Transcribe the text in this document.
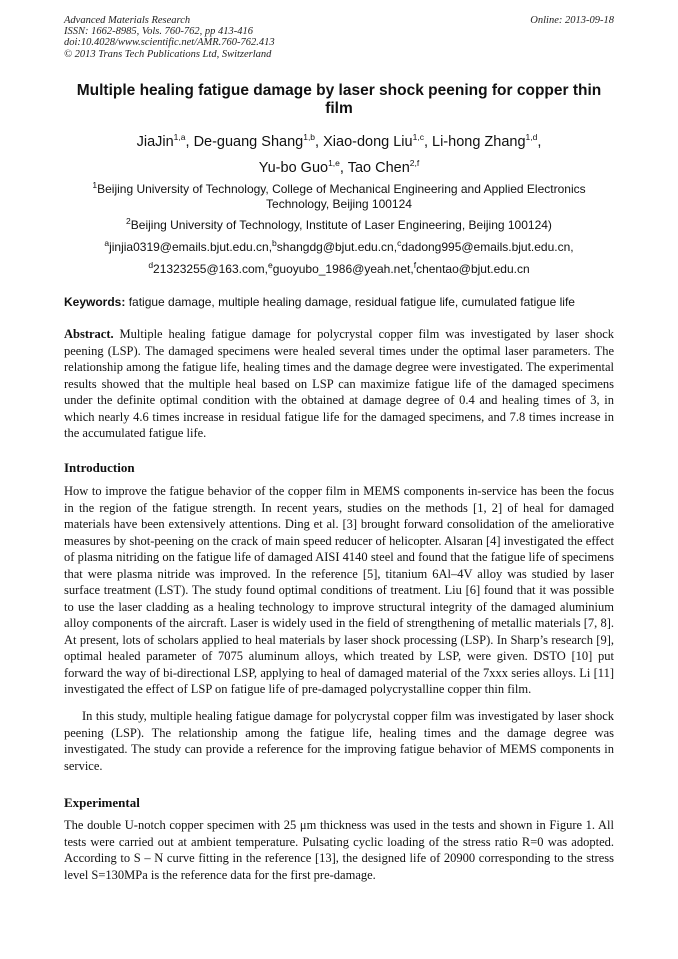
Advanced Materials Research
ISSN: 1662-8985, Vols. 760-762, pp 413-416
doi:10.4028/www.scientific.net/AMR.760-762.413
© 2013 Trans Tech Publications Ltd, Switzerland
Online: 2013-09-18
Multiple healing fatigue damage by laser shock peening for copper thin film
JiaJin$^{1,a}$, De-guang Shang$^{1,b}$, Xiao-dong Liu$^{1,c}$, Li-hong Zhang$^{1,d}$,
Yu-bo Guo$^{1,e}$, Tao Chen$^{2,f}$
$^1$Beijing University of Technology, College of Mechanical Engineering and Applied Electronics Technology, Beijing 100124
$^2$Beijing University of Technology, Institute of Laser Engineering, Beijing 100124)
$^a$jinjia0319@emails.bjut.edu.cn,$^b$shangdg@bjut.edu.cn,$^c$dadong995@emails.bjut.edu.cn,
$^d$21323255@163.com,$^e$guoyubo_1986@yeah.net,$^f$chentao@bjut.edu.cn
Keywords: fatigue damage, multiple healing damage, residual fatigue life, cumulated fatigue life
Abstract. Multiple healing fatigue damage for polycrystal copper film was investigated by laser shock peening (LSP). The damaged specimens were healed several times under the optimal laser parameters. The relationship among the fatigue life, healing times and the damage degree were investigated. The experimental results showed that the multiple heal based on LSP can maximize fatigue life of the damaged specimens under the definite optimal condition with the obtained at damage degree of 0.4 and healing times of 3, in which nearly 4.6 times increase in residual fatigue life for the damaged specimens, and 7.8 times increase in the accumulated fatigue life.
Introduction
How to improve the fatigue behavior of the copper film in MEMS components in-service has been the focus in the region of the fatigue strength. In recent years, studies on the methods [1, 2] of heal for damaged materials have been extensively attentions. Ding et al. [3] brought forward consolidation of the ameliorative measures by shot-peening on the crack of main speed reducer of helicopter. Alsaran [4] investigated the effect of plasma nitriding on the fatigue life of damaged AISI 4140 steel and found that the fatigue life of specimens that were plasma nitride was improved. In the reference [5], titanium 6Al–4V alloy was studied by laser surface treatment (LST). The study found optimal conditions of treatment. Liu [6] found that it was possible to use the laser cladding as a healing technology to improve structural integrity of the damaged aluminium alloy components of the aircraft. Laser is widely used in the field of strengthening of metallic materials [7, 8]. At present, lots of scholars applied to heal materials by laser shock processing (LSP). In Sharp’s research [9], optimal healed parameter of 7075 aluminum alloys, which treated by LSP, were given. DSTO [10] put forward the way of bi-directional LSP, applying to heal of damaged material of the 7xxx series alloys. Li [11] investigated the effect of LSP on fatigue life of pre-damaged polycrystalline copper thin film.
In this study, multiple healing fatigue damage for polycrystal copper film was investigated by laser shock peening (LSP). The relationship among the fatigue life, healing times and the damage degree was investigated. The study can provide a reference for the improving fatigue behavior of MEMS components in service.
Experimental
The double U-notch copper specimen with 25 μm thickness was used in the tests and shown in Figure 1. All tests were carried out at ambient temperature. Pulsating cyclic loading of the stress ratio R=0 was adopted. According to S – N curve fitting in the reference [13], the designed life of 20900 corresponding to the stress level S=130MPa is the reference data for the first pre-damage.
